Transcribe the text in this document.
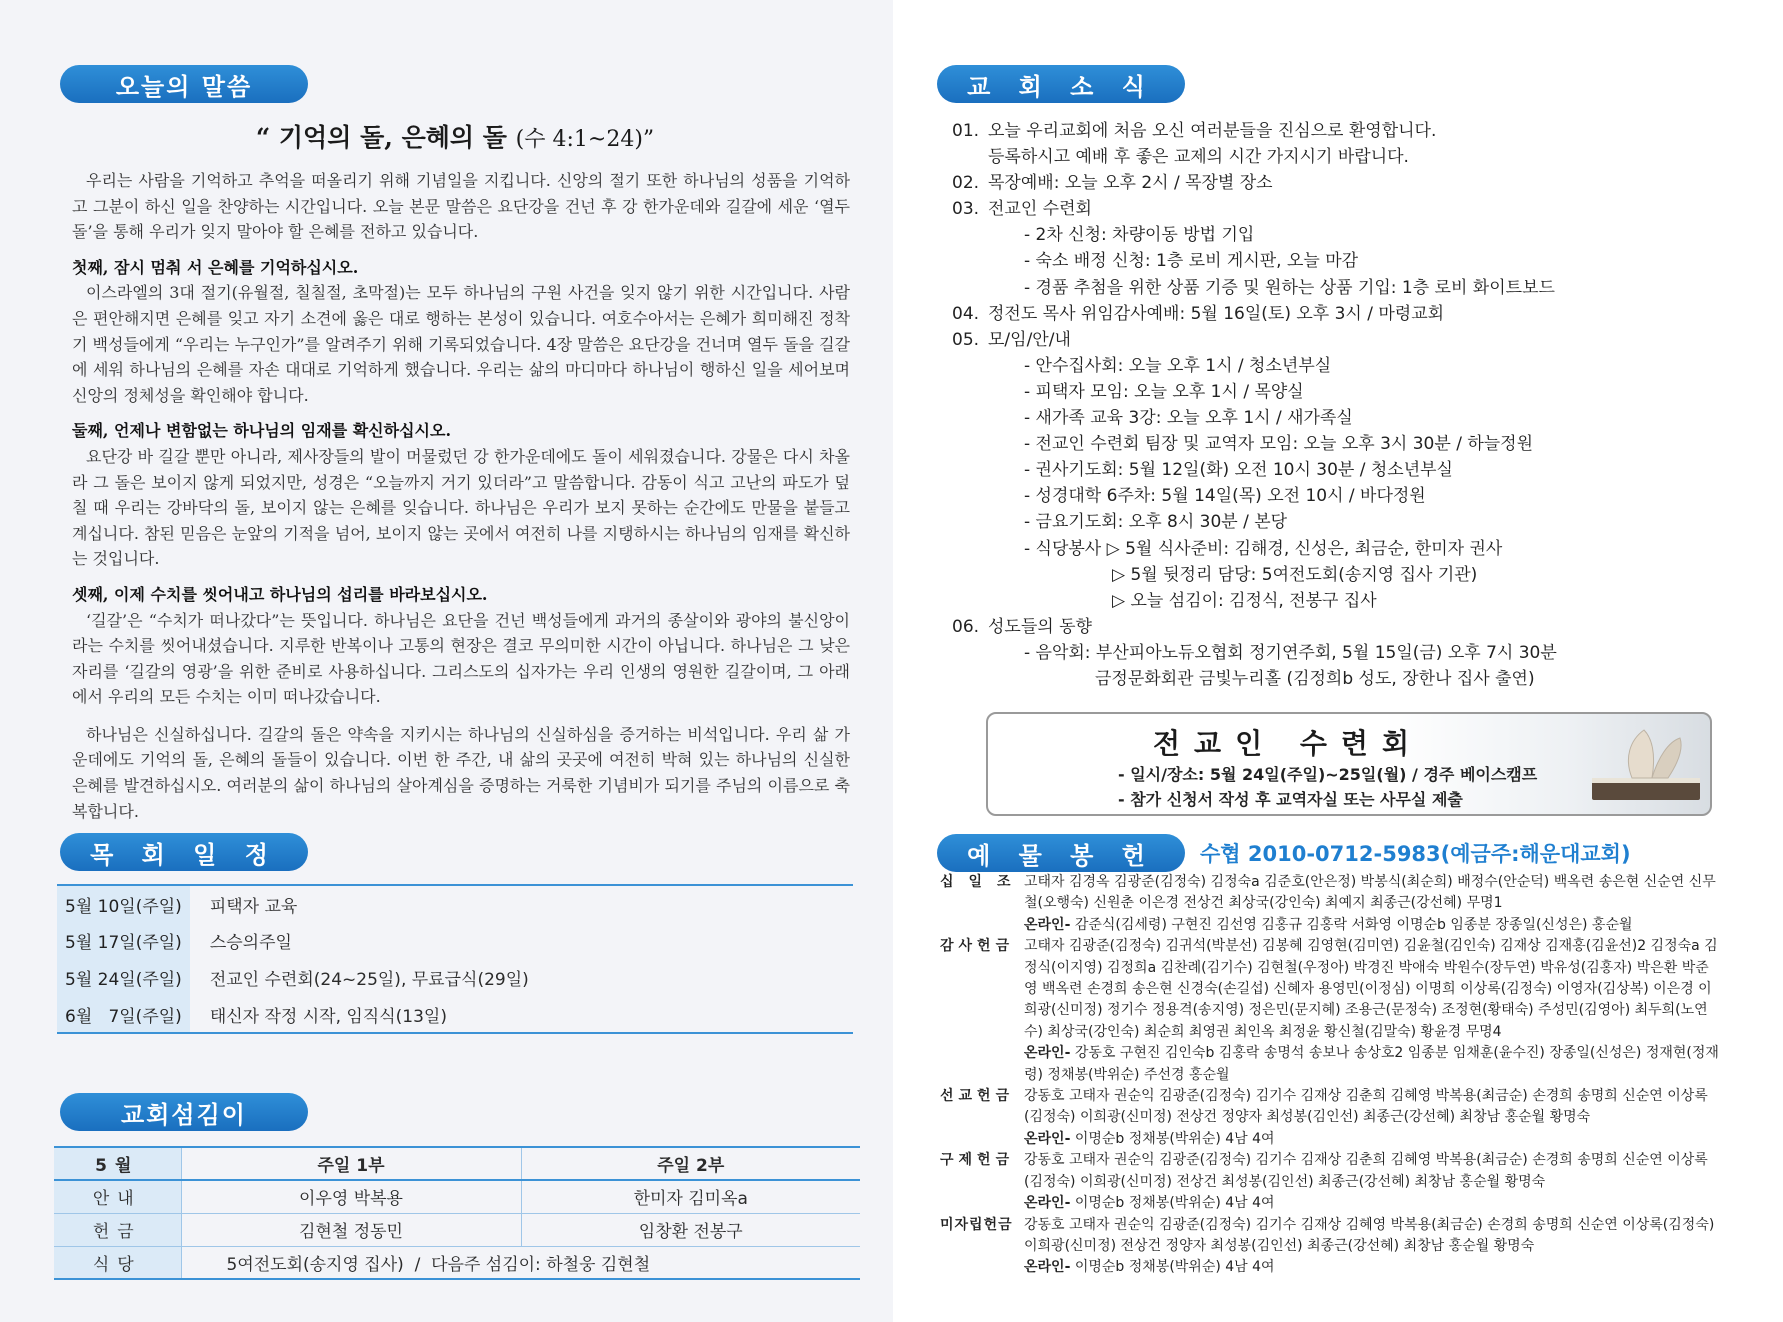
오늘의 말씀
“ 기억의 돌, 은혜의 돌 (수 4:1~24)”

우리는 사람을 기억하고 추억을 떠올리기 위해 기념일을 지킵니다. 신앙의 절기 또한 하나님의 성품을 기억하고 그분이 하신 일을 찬양하는 시간입니다. 오늘 본문 말씀은 요단강을 건넌 후 강 한가운데와 길갈에 세운 ‘열두 돌’을 통해 우리가 잊지 말아야 할 은혜를 전하고 있습니다.

첫째, 잠시 멈춰 서 은혜를 기억하십시오.

이스라엘의 3대 절기(유월절, 칠칠절, 초막절)는 모두 하나님의 구원 사건을 잊지 않기 위한 시간입니다. 사람은 편안해지면 은혜를 잊고 자기 소견에 옳은 대로 행하는 본성이 있습니다. 여호수아서는 은혜가 희미해진 정착기 백성들에게 “우리는 누구인가”를 알려주기 위해 기록되었습니다. 4장 말씀은 요단강을 건너며 열두 돌을 길갈에 세워 하나님의 은혜를 자손 대대로 기억하게 했습니다. 우리는 삶의 마디마다 하나님이 행하신 일을 세어보며 신앙의 정체성을 확인해야 합니다.

둘째, 언제나 변함없는 하나님의 임재를 확신하십시오.

요단강 바 길갈 뿐만 아니라, 제사장들의 발이 머물렀던 강 한가운데에도 돌이 세워졌습니다. 강물은 다시 차올라 그 돌은 보이지 않게 되었지만, 성경은 “오늘까지 거기 있더라”고 말씀합니다. 감동이 식고 고난의 파도가 덮칠 때 우리는 강바닥의 돌, 보이지 않는 은혜를 잊습니다. 하나님은 우리가 보지 못하는 순간에도 만물을 붙들고 계십니다. 참된 믿음은 눈앞의 기적을 넘어, 보이지 않는 곳에서 여전히 나를 지탱하시는 하나님의 임재를 확신하는 것입니다.

셋째, 이제 수치를 씻어내고 하나님의 섭리를 바라보십시오.

‘길갈’은 “수치가 떠나갔다”는 뜻입니다. 하나님은 요단을 건넌 백성들에게 과거의 종살이와 광야의 불신앙이라는 수치를 씻어내셨습니다. 지루한 반복이나 고통의 현장은 결코 무의미한 시간이 아닙니다. 하나님은 그 낮은 자리를 ‘길갈의 영광’을 위한 준비로 사용하십니다. 그리스도의 십자가는 우리 인생의 영원한 길갈이며, 그 아래에서 우리의 모든 수치는 이미 떠나갔습니다.

하나님은 신실하십니다. 길갈의 돌은 약속을 지키시는 하나님의 신실하심을 증거하는 비석입니다. 우리 삶 가운데에도 기억의 돌, 은혜의 돌들이 있습니다. 이번 한 주간, 내 삶의 곳곳에 여전히 박혀 있는 하나님의 신실한 은혜를 발견하십시오. 여러분의 삶이 하나님의 살아계심을 증명하는 거룩한 기념비가 되기를 주님의 이름으로 축복합니다.

목 회 일 정
5월 10일(주일)	피택자 교육
5월 17일(주일)	스승의주일
5월 24일(주일)	전교인 수련회(24~25일), 무료급식(29일)
6월   7일(주일)	태신자 작정 시작, 임직식(13일)
교회섬김이
5월	주일 1부	주일 2부
안내	이우영 박복용	한미자 김미옥a
헌금	김현철 정동민	임창환 전봉구
식당	5여전도회(송지영 집사)  /  다음주 섬김이: 하철웅 김현철	
교 회 소 식
01. 오늘 우리교회에 처음 오신 여러분들을 진심으로 환영합니다.
등록하시고 예배 후 좋은 교제의 시간 가지시기 바랍니다.
02. 목장예배: 오늘 오후 2시 / 목장별 장소
03. 전교인 수련회
- 2차 신청: 차량이동 방법 기입
- 숙소 배정 신청: 1층 로비 게시판, 오늘 마감
- 경품 추첨을 위한 상품 기증 및 원하는 상품 기입: 1층 로비 화이트보드
04. 정전도 목사 위임감사예배: 5월 16일(토) 오후 3시 / 마령교회
05. 모/임/안/내
- 안수집사회: 오늘 오후 1시 / 청소년부실
- 피택자 모임: 오늘 오후 1시 / 목양실
- 새가족 교육 3강: 오늘 오후 1시 / 새가족실
- 전교인 수련회 팀장 및 교역자 모임: 오늘 오후 3시 30분 / 하늘정원
- 권사기도회: 5월 12일(화) 오전 10시 30분 / 청소년부실
- 성경대학 6주차: 5월 14일(목) 오전 10시 / 바다정원
- 금요기도회: 오후 8시 30분 / 본당
- 식당봉사 ▷ 5월 식사준비: 김해경, 신성은, 최금순, 한미자 권사
▷ 5월 뒷정리 담당: 5여전도회(송지영 집사 기관)
▷ 오늘 섬김이: 김정식, 전봉구 집사
06. 성도들의 동향
- 음악회: 부산피아노듀오협회 정기연주회, 5월 15일(금) 오후 7시 30분
금정문화회관 금빛누리홀 (김정희b 성도, 장한나 집사 출연)
전교인 수련회
- 일시/장소: 5월 24일(주일)~25일(월) / 경주 베이스캠프
- 참가 신청서 작성 후 교역자실 또는 사무실 제출
예 물 봉 헌	수협 2010-0712-5983(예금주:해운대교회)
십일조
고태자 김경옥 김광준(김정숙) 김정숙a 김준호(안은정) 박봉식(최순희) 배정수(안순덕) 백옥련 송은현 신순연 신무철(오행숙) 신원춘 이은경 전상건 최상국(강인숙) 최예지 최종근(강선혜) 무명1
온라인- 감준식(김세령) 구현진 김선영 김홍규 김홍락 서화영 이명순b 임종분 장종일(신성은) 홍순월
감사헌금 고태자 김광준(김정숙) 김귀석(박분선) 김봉혜 김영현(김미연) 김윤철(김인숙) 김재상 김재홍(김윤선)2 김정숙a 김정식(이지영) 김정희a 김찬례(김기수) 김현철(우정아) 박경진 박애숙 박원수(장두연) 박유성(김홍자) 박은환 박준영 백옥련 손경희 송은현 신경숙(손길섭) 신혜자 용영민(이정심) 이명희 이상록(김정숙) 이영자(김상복) 이은경 이희광(신미정) 정기수 정용격(송지영) 정은민(문지혜) 조용근(문정숙) 조정현(황태숙) 주성민(김영아) 최두희(노연수) 최상국(강인숙) 최순희 최영권 최인옥 최정윤 황신철(김말숙) 황윤경 무명4
온라인- 강동호 구현진 김인숙b 김홍락 송명석 송보나 송상호2 임종분 임채훈(윤수진) 장종일(신성은) 정재현(정재령) 정채봉(박위순) 주선경 홍순월
선교헌금 강동호 고태자 권순익 김광준(김정숙) 김기수 김재상 김춘희 김혜영 박복용(최금순) 손경희 송명희 신순연 이상록(김정숙) 이희광(신미정) 전상건 정양자 최성봉(김인선) 최종근(강선혜) 최창남 홍순월 황명숙
온라인- 이명순b 정채봉(박위순) 4남 4여
구제헌금 강동호 고태자 권순익 김광준(김정숙) 김기수 김재상 김춘희 김혜영 박복용(최금순) 손경희 송명희 신순연 이상록(김정숙) 이희광(신미정) 전상건 최성봉(김인선) 최종근(강선혜) 최창남 홍순월 황명숙
온라인- 이명순b 정채봉(박위순) 4남 4여
미자립헌금 강동호 고태자 권순익 김광준(김정숙) 김기수 김재상 김혜영 박복용(최금순) 손경희 송명희 신순연 이상록(김정숙) 이희광(신미정) 전상건 정양자 최성봉(김인선) 최종근(강선혜) 최창남 홍순월 황명숙
온라인- 이명순b 정채봉(박위순) 4남 4여
